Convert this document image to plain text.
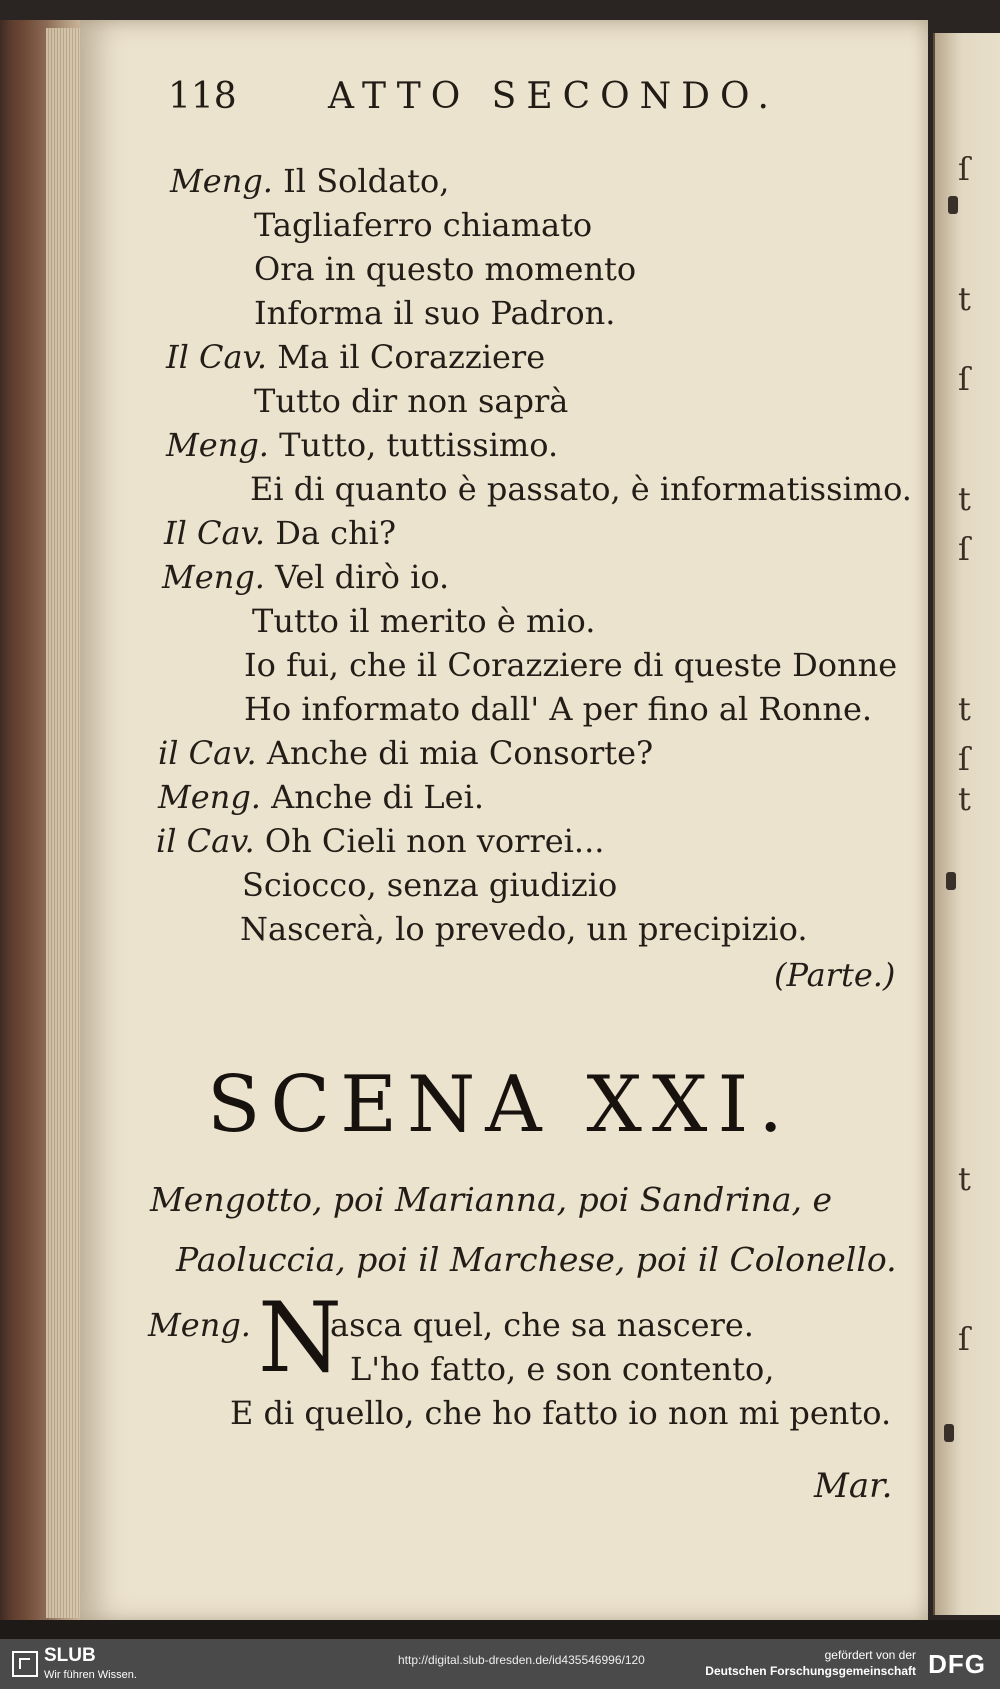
ſ
t
ſ
t
ſ
t
ſ
t
t
ſ
118	ATTO SECONDO.
Meng. Il Soldato,
Tagliaferro chiamato
Ora in questo momento
Informa il suo Padron.
Il Cav. Ma il Corazziere
Tutto dir non saprà
Meng. Tutto, tuttissimo.
Ei di quanto è passato, è informatissimo.
Il Cav. Da chi?
Meng. Vel dirò io.
Tutto il merito è mio.
Io fui, che il Corazziere di queste Donne
Ho informato dall' A per fino al Ronne.
il Cav. Anche di mia Consorte?
Meng. Anche di Lei.
il Cav. Oh Cieli non vorrei...
Sciocco, senza giudizio
Nascerà, lo prevedo, un precipizio.
(Parte.)
SCENA XXI.
Mengotto, poi Marianna, poi Sandrina, e
Paoluccia, poi il Marchese, poi il Colonello.
Meng. N
asca quel, che sa nascere.
L'ho fatto, e son contento,
E di quello, che ho fatto io non mi pento.
Mar.
SLUB
Wir führen Wissen.
http://digital.slub-dresden.de/id435546996/120	gefördert von der
Deutschen Forschungsgemeinschaft DFG
